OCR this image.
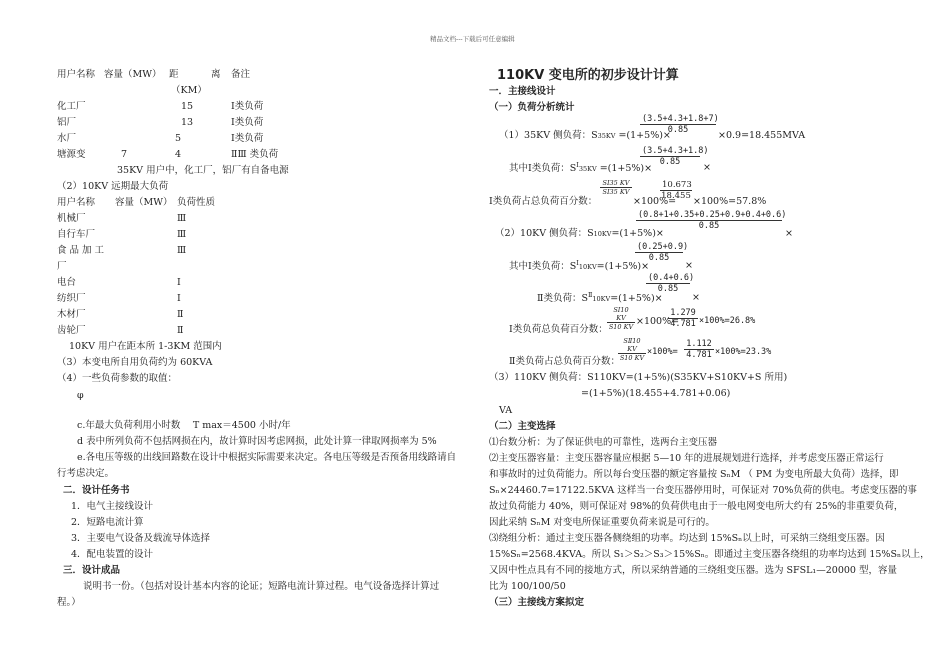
精品文档---下载后可任意编辑
用户名称 容量（MW） 距	离 备注
（KM）
化工厂	15	Ⅰ类负荷
铝厂	13	Ⅰ类负荷
水厂	5	Ⅰ类负荷
塘源变	7	4	ⅡⅢ 类负荷
35KV 用户中，化工厂，铝厂有自备电源
（2）10KV 远期最大负荷
用户名称 容量（MW） 负荷性质
机械厂	Ⅲ
自行车厂	Ⅲ
食 品 加 工	Ⅲ
厂
电台	Ⅰ
纺织厂	Ⅰ
木材厂	Ⅱ
齿轮厂	Ⅱ
10KV 用户在距本所 1-3KM 范围内
（3）本变电所自用负荷约为 60KVA
（4）一些负荷参数的取值：
φ
c.年最大负荷利用小时数　 T max＝4500 小时/年
d 表中所列负荷不包括网损在内，故计算时因考虑网损，此处计算一律取网损率为 5%
e.各电压等级的出线回路数在设计中根据实际需要来决定。各电压等级是否预备用线路请自
行考虑决定。
二．设计任务书
1．电气主接线设计
2．短路电流计算
3．主要电气设备及载流导体选择
4．配电装置的设计
三．设计成品
说明书一份。（包括对设计基本内容的论证；短路电流计算过程。电气设备选择计算过
程。）
110KV 变电所的初步设计计算
一．主接线设计
（一）负荷分析统计
（1）35KV 侧负荷：S35KV =(1+5%)×
$\frac{(3.5+4.3+1.8+7)}{0.85}$
×0.9=18.455MVA
其中Ⅰ类负荷：$S^Ⅰ35KV =(1+5\%)\times$
$\frac{(3.5+4.3+1.8)}{0.85}$
×
Ⅰ类负荷占总负荷百分数：
$\frac{\text{SⅠ35 KV}}{\text{SⅠ35 KV}}$
×100%=
$\frac{10.673}{18.455}$
×100%=57.8%
（2）10KV 侧负荷：S10KV=(1+5%)×
$\frac{(0.8+1+0.35+0.25+0.9+0.4+0.6)}{0.85}$
×
其中Ⅰ类负荷：$S^Ⅰ10KV=(1+5\%)\times$
$\frac{(0.25+0.9)}{0.85}$
×
Ⅱ类负荷：$S^Ⅱ10KV=(1+5\%)\times$
$\frac{(0.4+0.6)}{0.85}$
×
Ⅰ类负荷总负荷百分数： $\frac{\text{SⅠ10 KV}}{S10 KV} \times 100\%=$
$\frac{1.279}{4.781} \times 100\%=26.8\%$
Ⅱ类负荷占总负荷百分数：
$\frac{\text{SⅡ10 KV}}{S10 KV} \times 100\%= \frac{1.112}{4.781} \times 100\%=23.3\%$
（3）110KV 侧负荷：S110KV=(1+5%)(S35KV+S10KV+S 所用)
=(1+5%)(18.455+4.781+0.06)
VA
（二）主变选择
⑴台数分析：为了保证供电的可靠性，选两台主变压器
⑵主变压器容量：主变压器容量应根据 5—10 年的进展规划进行选择，并考虑变压器正常运行
和事故时的过负荷能力。所以每台变压器的额定容量按 SₙM （ PM 为变电所最大负荷）选择，即
Sₙ×24460.7=17122.5KVA 这样当一台变压器停用时，可保证对 70%负荷的供电。考虑变压器的事
故过负荷能力 40%，则可保证对 98%的负荷供电由于一般电网变电所大约有 25%的非重要负荷，
因此采纳 SₙM 对变电所保证重要负荷来说是可行的。
⑶绕组分析：通过主变压器各侧绕组的功率。均达到 15%Sₙ以上时，可采纳三绕组变压器。因
15%Sₙ=2568.4KVA。所以 S₁＞S₂＞S₃＞15%Sₙ。即通过主变压器各绕组的功率均达到 15%Sₙ以上，
又因中性点具有不同的接地方式，所以采纳普通的三绕组变压器。选为 SFSL₁—20000 型，容量
比为 100/100/50
（三）主接线方案拟定
